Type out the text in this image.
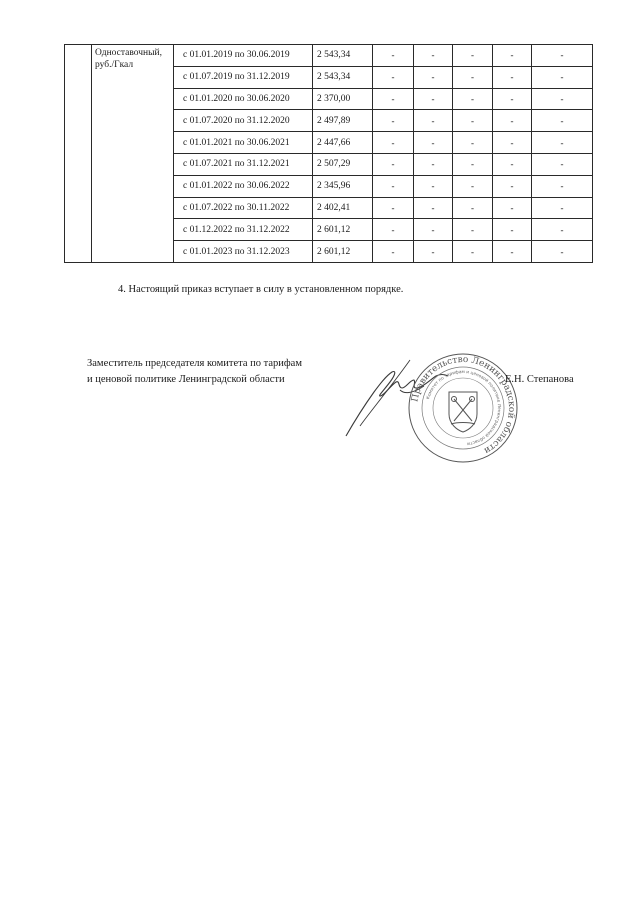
	Одноставочный, руб./Гкал	с 01.01.2019 по 30.06.2019	2 543,34	-	-	-	-	-
		с 01.07.2019 по 31.12.2019	2 543,34	-	-	-	-	-
		с 01.01.2020 по 30.06.2020	2 370,00	-	-	-	-	-
		с 01.07.2020 по 31.12.2020	2 497,89	-	-	-	-	-
		с 01.01.2021 по 30.06.2021	2 447,66	-	-	-	-	-
		с 01.07.2021 по 31.12.2021	2 507,29	-	-	-	-	-
		с 01.01.2022 по 30.06.2022	2 345,96	-	-	-	-	-
		с 01.07.2022 по 30.11.2022	2 402,41	-	-	-	-	-
		с 01.12.2022 по 31.12.2022	2 601,12	-	-	-	-	-
		с 01.01.2023 по 31.12.2023	2 601,12	-	-	-	-	-
4. Настоящий приказ вступает в силу в установленном порядке.
Заместитель председателя комитета по тарифам
и ценовой политике Ленинградской области
Правительство Ленинградской области
Комитет по тарифам и ценовой политике Ленинградской области
Е.Н. Степанова
